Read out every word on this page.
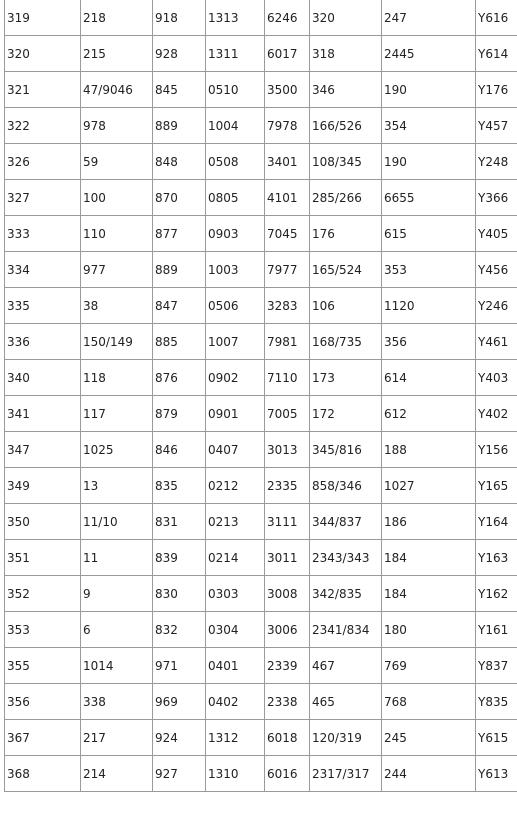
319	218	918	1313	6246	320	247	Y616
320	215	928	1311	6017	318	2445	Y614
321	47/9046	845	0510	3500	346	190	Y176
322	978	889	1004	7978	166/526	354	Y457
326	59	848	0508	3401	108/345	190	Y248
327	100	870	0805	4101	285/266	6655	Y366
333	110	877	0903	7045	176	615	Y405
334	977	889	1003	7977	165/524	353	Y456
335	38	847	0506	3283	106	1120	Y246
336	150/149	885	1007	7981	168/735	356	Y461
340	118	876	0902	7110	173	614	Y403
341	117	879	0901	7005	172	612	Y402
347	1025	846	0407	3013	345/816	188	Y156
349	13	835	0212	2335	858/346	1027	Y165
350	11/10	831	0213	3111	344/837	186	Y164
351	11	839	0214	3011	2343/343	184	Y163
352	9	830	0303	3008	342/835	184	Y162
353	6	832	0304	3006	2341/834	180	Y161
355	1014	971	0401	2339	467	769	Y837
356	338	969	0402	2338	465	768	Y835
367	217	924	1312	6018	120/319	245	Y615
368	214	927	1310	6016	2317/317	244	Y613
